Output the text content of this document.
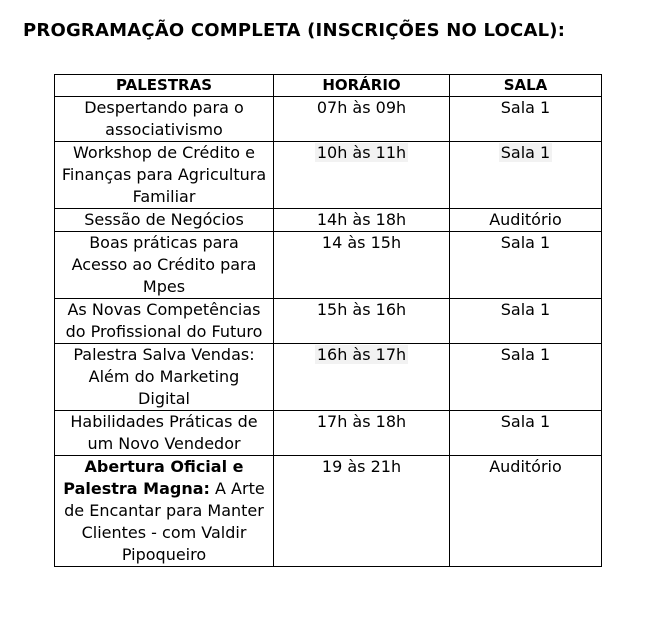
PROGRAMAÇÃO COMPLETA (INSCRIÇÕES NO LOCAL):
PALESTRAS	HORÁRIO	SALA
Despertando para o associativismo	07h às 09h	Sala 1
Workshop de Crédito e Finanças para Agricultura Familiar	10h às 11h	Sala 1
Sessão de Negócios	14h às 18h	Auditório
Boas práticas para Acesso ao Crédito para Mpes	14 às 15h	Sala 1
As Novas Competências do Profissional do Futuro	15h às 16h	Sala 1
Palestra Salva Vendas: Além do Marketing Digital	16h às 17h	Sala 1
Habilidades Práticas de um Novo Vendedor	17h às 18h	Sala 1
Abertura Oficial e Palestra Magna: A Arte de Encantar para Manter Clientes - com Valdir Pipoqueiro	19 às 21h	Auditório
